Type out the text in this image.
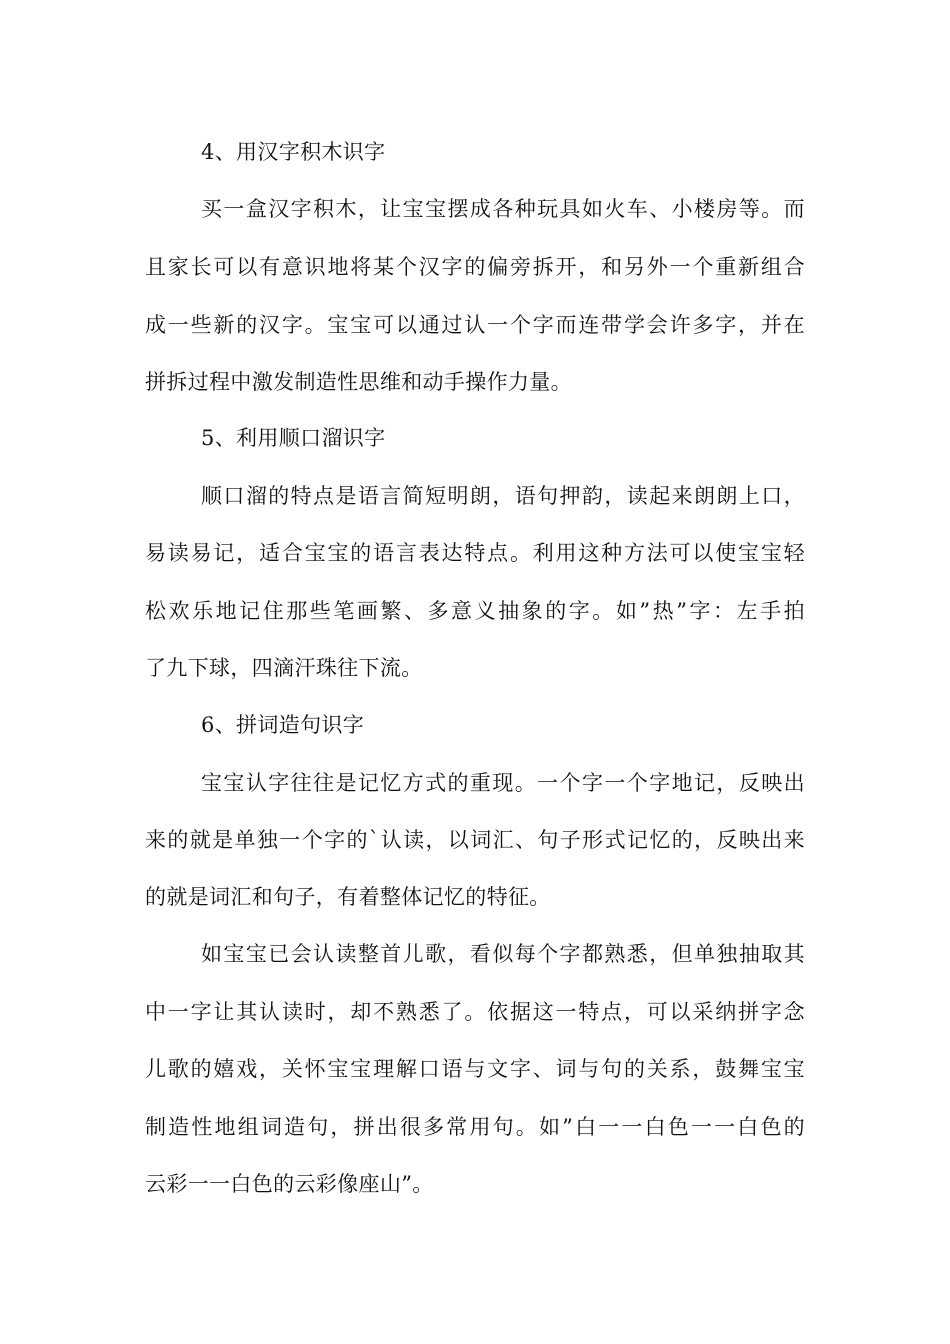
4、用汉字积木识字
买一盒汉字积木，让宝宝摆成各种玩具如火车、小楼房等。而
且家长可以有意识地将某个汉字的偏旁拆开，和另外一个重新组合
成一些新的汉字。宝宝可以通过认一个字而连带学会许多字，并在
拼拆过程中激发制造性思维和动手操作力量。
5、利用顺口溜识字
顺口溜的特点是语言简短明朗，语句押韵，读起来朗朗上口，
易读易记，适合宝宝的语言表达特点。利用这种方法可以使宝宝轻
松欢乐地记住那些笔画繁、多意义抽象的字。如”热”字：左手拍
了九下球，四滴汗珠往下流。
6、拼词造句识字
宝宝认字往往是记忆方式的重现。一个字一个字地记，反映出
来的就是单独一个字的`认读，以词汇、句子形式记忆的，反映出来
的就是词汇和句子，有着整体记忆的特征。
如宝宝已会认读整首儿歌，看似每个字都熟悉，但单独抽取其
中一字让其认读时，却不熟悉了。依据这一特点，可以采纳拼字念
儿歌的嬉戏，关怀宝宝理解口语与文字、词与句的关系，鼓舞宝宝
制造性地组词造句，拼出很多常用句。如”白一一白色一一白色的
云彩一一白色的云彩像座山”。
